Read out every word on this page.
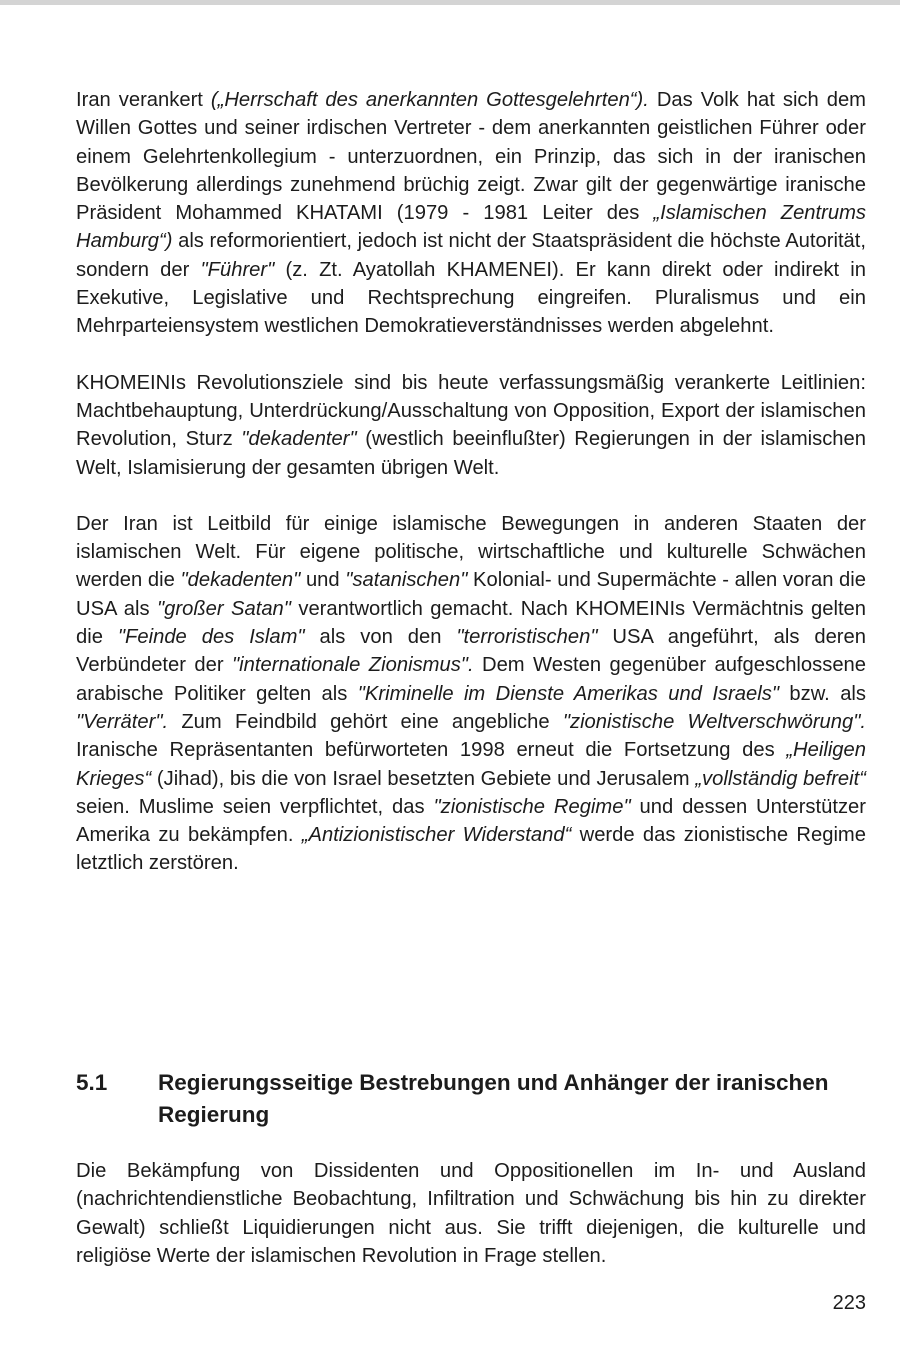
Iran verankert („Herrschaft des anerkannten Gottesgelehrten“). Das Volk hat sich dem Willen Gottes und seiner irdischen Vertreter - dem anerkannten geistlichen Führer oder einem Gelehrtenkollegium - unterzuordnen, ein Prinzip, das sich in der iranischen Bevölkerung allerdings zunehmend brüchig zeigt. Zwar gilt der gegenwärtige iranische Präsident Mohammed KHATAMI (1979 - 1981 Leiter des „Islamischen Zentrums Hamburg“) als reformorientiert, jedoch ist nicht der Staatspräsident die höchste Autorität, sondern der "Führer" (z. Zt. Ayatollah KHAMENEI). Er kann direkt oder indirekt in Exekutive, Legislative und Rechtsprechung eingreifen. Pluralismus und ein Mehrparteiensystem westlichen Demokratieverständnisses werden abgelehnt.

KHOMEINIs Revolutionsziele sind bis heute verfassungsmäßig verankerte Leitlinien: Machtbehauptung, Unterdrückung/Ausschaltung von Opposition, Export der islamischen Revolution, Sturz "dekadenter" (westlich beeinflußter) Regierungen in der islamischen Welt, Islamisierung der gesamten übrigen Welt.

Der Iran ist Leitbild für einige islamische Bewegungen in anderen Staaten der islamischen Welt. Für eigene politische, wirtschaftliche und kulturelle Schwächen werden die "dekadenten" und "satanischen" Kolonial- und Supermächte - allen voran die USA als "großer Satan" verantwortlich gemacht. Nach KHOMEINIs Vermächtnis gelten die "Feinde des Islam" als von den "terroristischen" USA angeführt, als deren Verbündeter der "internationale Zionismus". Dem Westen gegenüber aufgeschlossene arabische Politiker gelten als "Kriminelle im Dienste Amerikas und Israels" bzw. als "Verräter". Zum Feindbild gehört eine angebliche "zionistische Weltverschwörung". Iranische Repräsentanten befürworteten 1998 erneut die Fortsetzung des „Heiligen Krieges“ (Jihad), bis die von Israel besetzten Gebiete und Jerusalem „vollständig befreit“ seien. Muslime seien verpflichtet, das "zionistische Regime" und dessen Unterstützer Amerika zu bekämpfen. „Antizionistischer Widerstand“ werde das zionistische Regime letztlich zerstören.

5.1	Regierungsseitige Bestrebungen und Anhänger der iranischen Regierung

Die Bekämpfung von Dissidenten und Oppositionellen im In- und Ausland (nachrichtendienstliche Beobachtung, Infiltration und Schwächung bis hin zu direkter Gewalt) schließt Liquidierungen nicht aus. Sie trifft diejenigen, die kulturelle und religiöse Werte der islamischen Revolution in Frage stellen.

223
